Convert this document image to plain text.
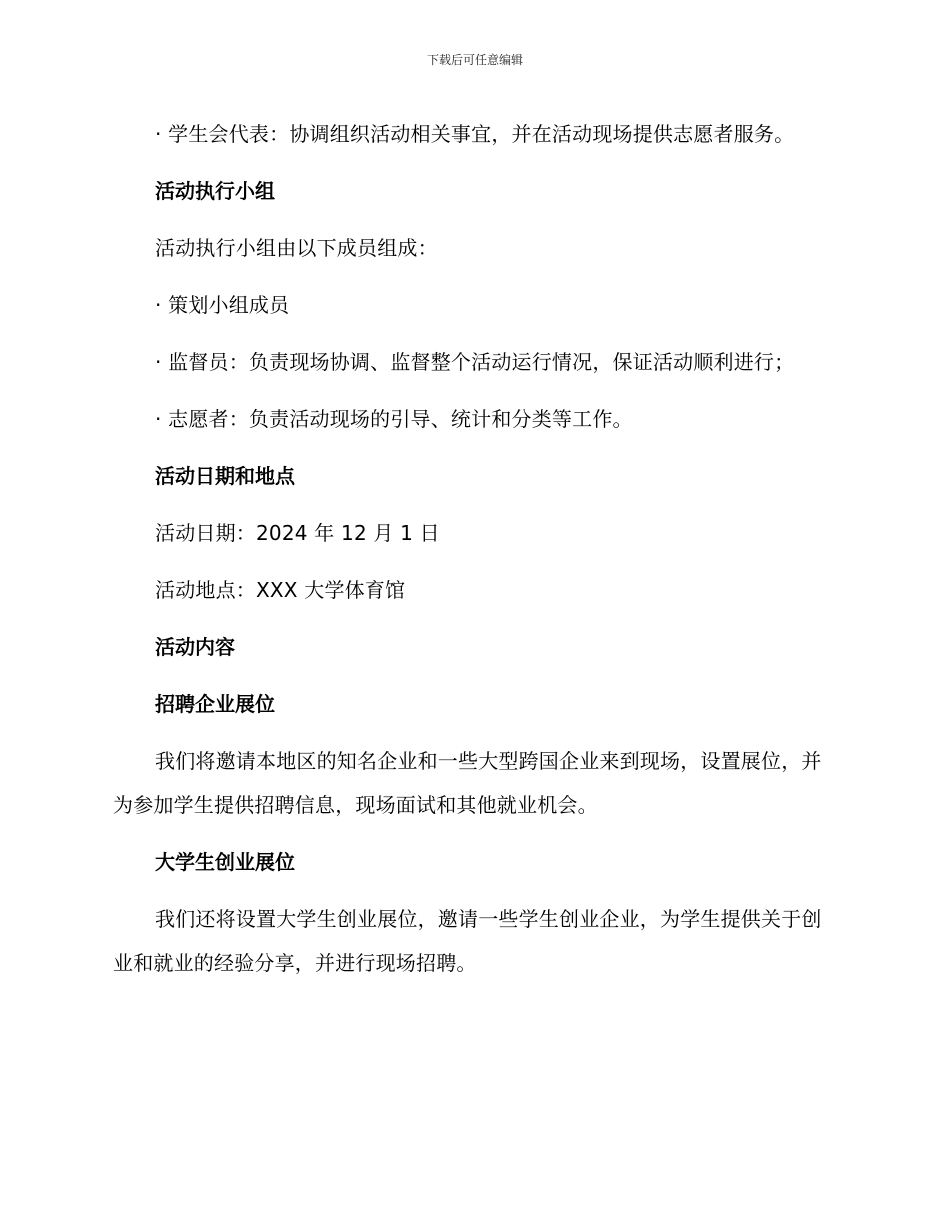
下载后可任意编辑

· 学生会代表：协调组织活动相关事宜，并在活动现场提供志愿者服务。

活动执行小组

活动执行小组由以下成员组成：

· 策划小组成员

· 监督员：负责现场协调、监督整个活动运行情况，保证活动顺利进行；

· 志愿者：负责活动现场的引导、统计和分类等工作。

活动日期和地点

活动日期：2024 年 12 月 1 日

活动地点：XXX 大学体育馆

活动内容

招聘企业展位

我们将邀请本地区的知名企业和一些大型跨国企业来到现场，设置展位，并为参加学生提供招聘信息，现场面试和其他就业机会。

大学生创业展位

我们还将设置大学生创业展位，邀请一些学生创业企业，为学生提供关于创业和就业的经验分享，并进行现场招聘。
